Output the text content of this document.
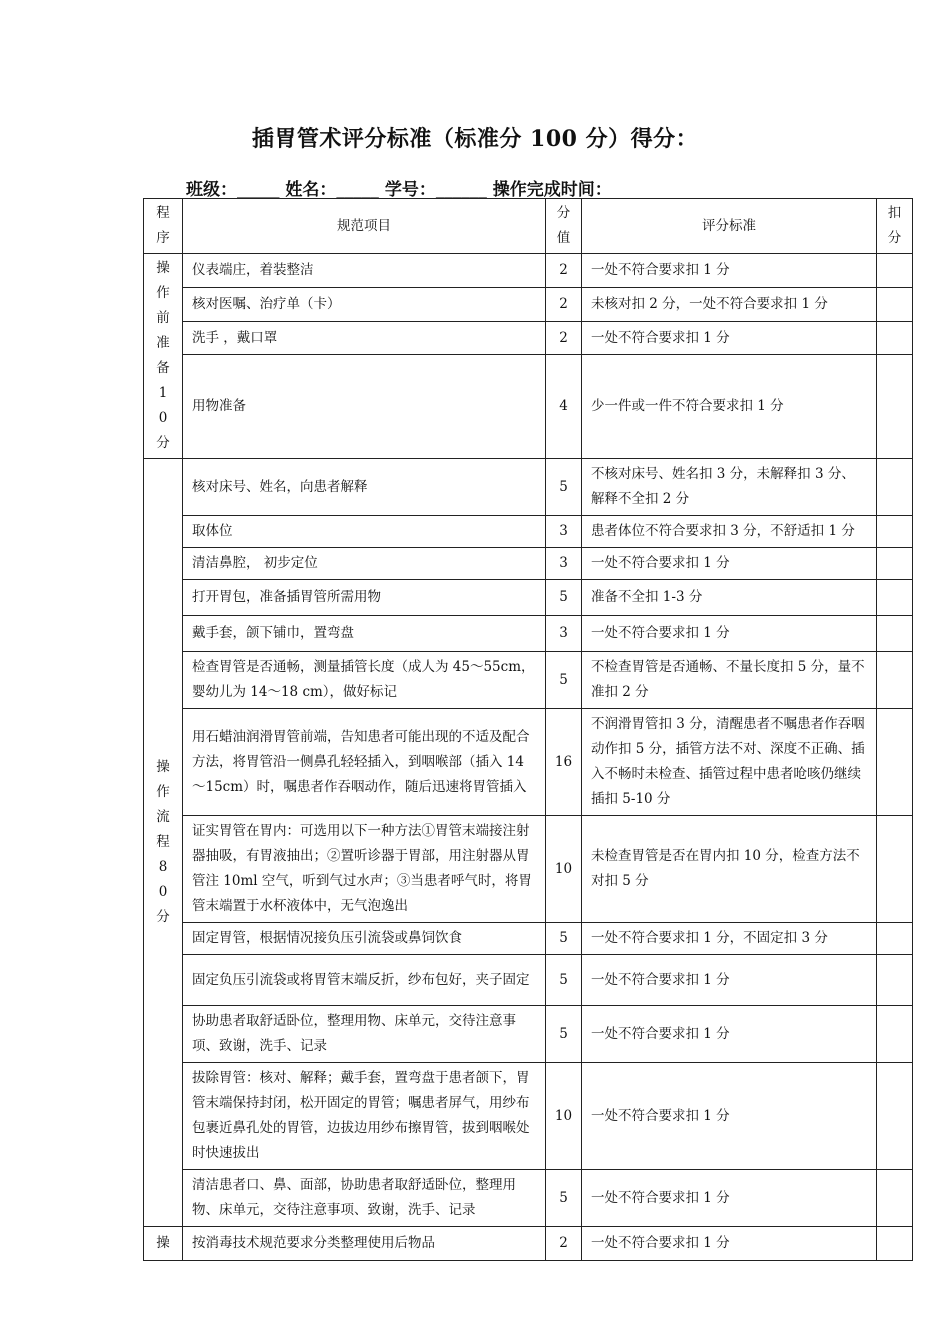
插胃管术评分标准（标准分 100 分）得分：
班级：_____ 姓名：_____ 学号：______ 操作完成时间：
程序	规范项目	分值	评分标准	扣分
操作前准备10分	仪表端庄，着装整洁	2	一处不符合要求扣 1 分	
	核对医嘱、治疗单（卡）	2	未核对扣 2 分，一处不符合要求扣 1 分	
	洗手 ，戴口罩	2	一处不符合要求扣 1 分	
	用物准备	4	少一件或一件不符合要求扣 1 分	
操作流程80分	核对床号、姓名，向患者解释	5	不核对床号、姓名扣 3 分，未解释扣 3 分、解释不全扣 2 分	
	取体位	3	患者体位不符合要求扣 3 分，不舒适扣 1 分	
	清洁鼻腔， 初步定位	3	一处不符合要求扣 1 分	
	打开胃包，准备插胃管所需用物	5	准备不全扣 1-3 分	
	戴手套，颌下铺巾，置弯盘	3	一处不符合要求扣 1 分	
	检查胃管是否通畅，测量插管长度（成人为 45～55cm，婴幼儿为 14～18 cm），做好标记	5	不检查胃管是否通畅、不量长度扣 5 分，量不准扣 2 分	
	用石蜡油润滑胃管前端，告知患者可能出现的不适及配合方法，将胃管沿一侧鼻孔轻轻插入，到咽喉部（插入 14～15cm）时，嘱患者作吞咽动作，随后迅速将胃管插入	16	不润滑胃管扣 3 分，清醒患者不嘱患者作吞咽动作扣 5 分，插管方法不对、深度不正确、插入不畅时未检查、插管过程中患者呛咳仍继续插扣 5-10 分	
	证实胃管在胃内：可选用以下一种方法①胃管末端接注射器抽吸，有胃液抽出；②置听诊器于胃部，用注射器从胃管注 10ml 空气，听到气过水声；③当患者呼气时，将胃管末端置于水杯液体中，无气泡逸出	10	未检查胃管是否在胃内扣 10 分，检查方法不对扣 5 分	
	固定胃管，根据情况接负压引流袋或鼻饲饮食	5	一处不符合要求扣 1 分，不固定扣 3 分	
	固定负压引流袋或将胃管末端反折，纱布包好，夹子固定	5	一处不符合要求扣 1 分	
	协助患者取舒适卧位，整理用物、床单元，交待注意事项、致谢，洗手、记录	5	一处不符合要求扣 1 分	
	拔除胃管：核对、解释；戴手套，置弯盘于患者颌下，胃管末端保持封闭，松开固定的胃管；嘱患者屏气，用纱布包裹近鼻孔处的胃管，边拔边用纱布擦胃管，拔到咽喉处时快速拔出	10	一处不符合要求扣 1 分	
	清洁患者口、鼻、面部，协助患者取舒适卧位，整理用物、床单元，交待注意事项、致谢，洗手、记录	5	一处不符合要求扣 1 分	
操	按消毒技术规范要求分类整理使用后物品	2	一处不符合要求扣 1 分	
